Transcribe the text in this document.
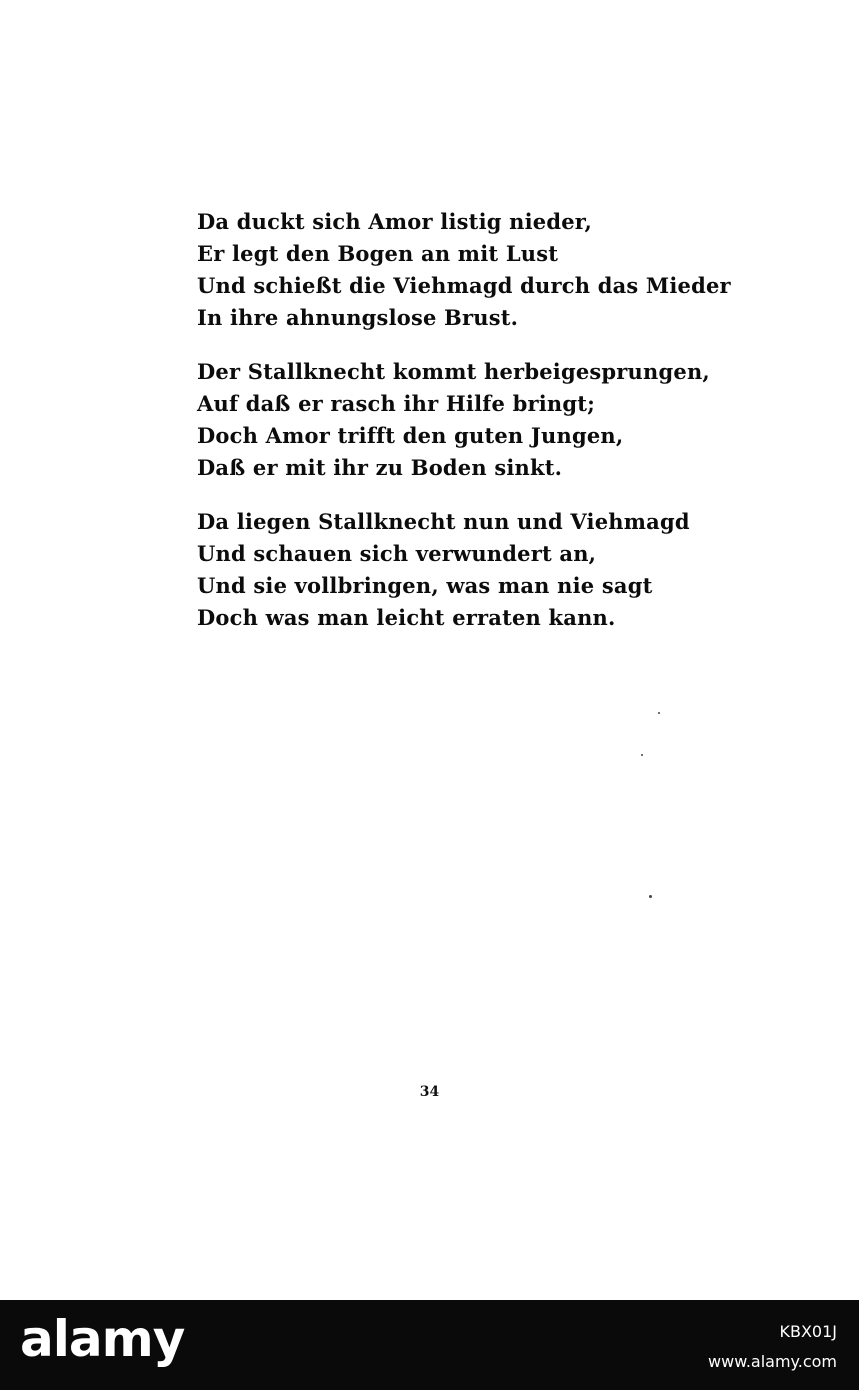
Da duckt sich Amor listig nieder,
Er legt den Bogen an mit Lust
Und schießt die Viehmagd durch das Mieder
In ihre ahnungslose Brust.
Der Stallknecht kommt herbeigesprungen,
Auf daß er rasch ihr Hilfe bringt;
Doch Amor trifft den guten Jungen,
Daß er mit ihr zu Boden sinkt.
Da liegen Stallknecht nun und Viehmagd
Und schauen sich verwundert an,
Und sie vollbringen, was man nie sagt
Doch was man leicht erraten kann.
34
alamy	KBX01J
www.alamy.com
